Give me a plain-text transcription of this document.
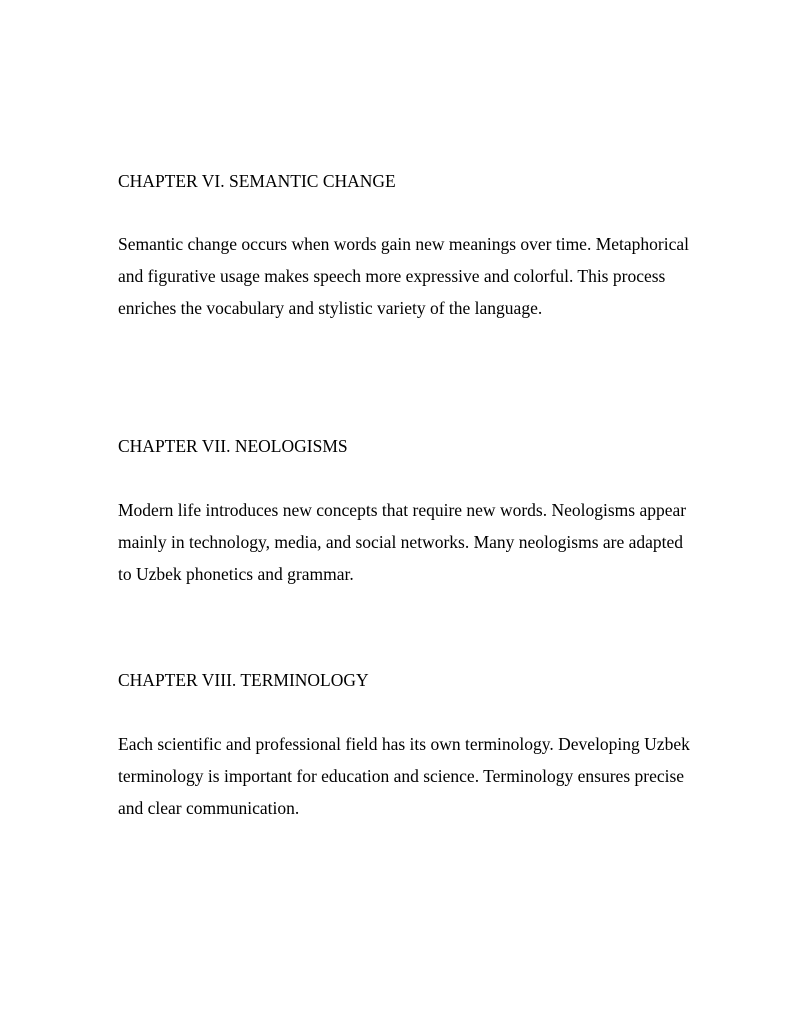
CHAPTER VI. SEMANTIC CHANGE

Semantic change occurs when words gain new meanings over time. Metaphorical and figurative usage makes speech more expressive and colorful. This process enriches the vocabulary and stylistic variety of the language.

CHAPTER VII. NEOLOGISMS

Modern life introduces new concepts that require new words. Neologisms appear mainly in technology, media, and social networks. Many neologisms are adapted to Uzbek phonetics and grammar.

CHAPTER VIII. TERMINOLOGY

Each scientific and professional field has its own terminology. Developing Uzbek terminology is important for education and science. Terminology ensures precise and clear communication.
